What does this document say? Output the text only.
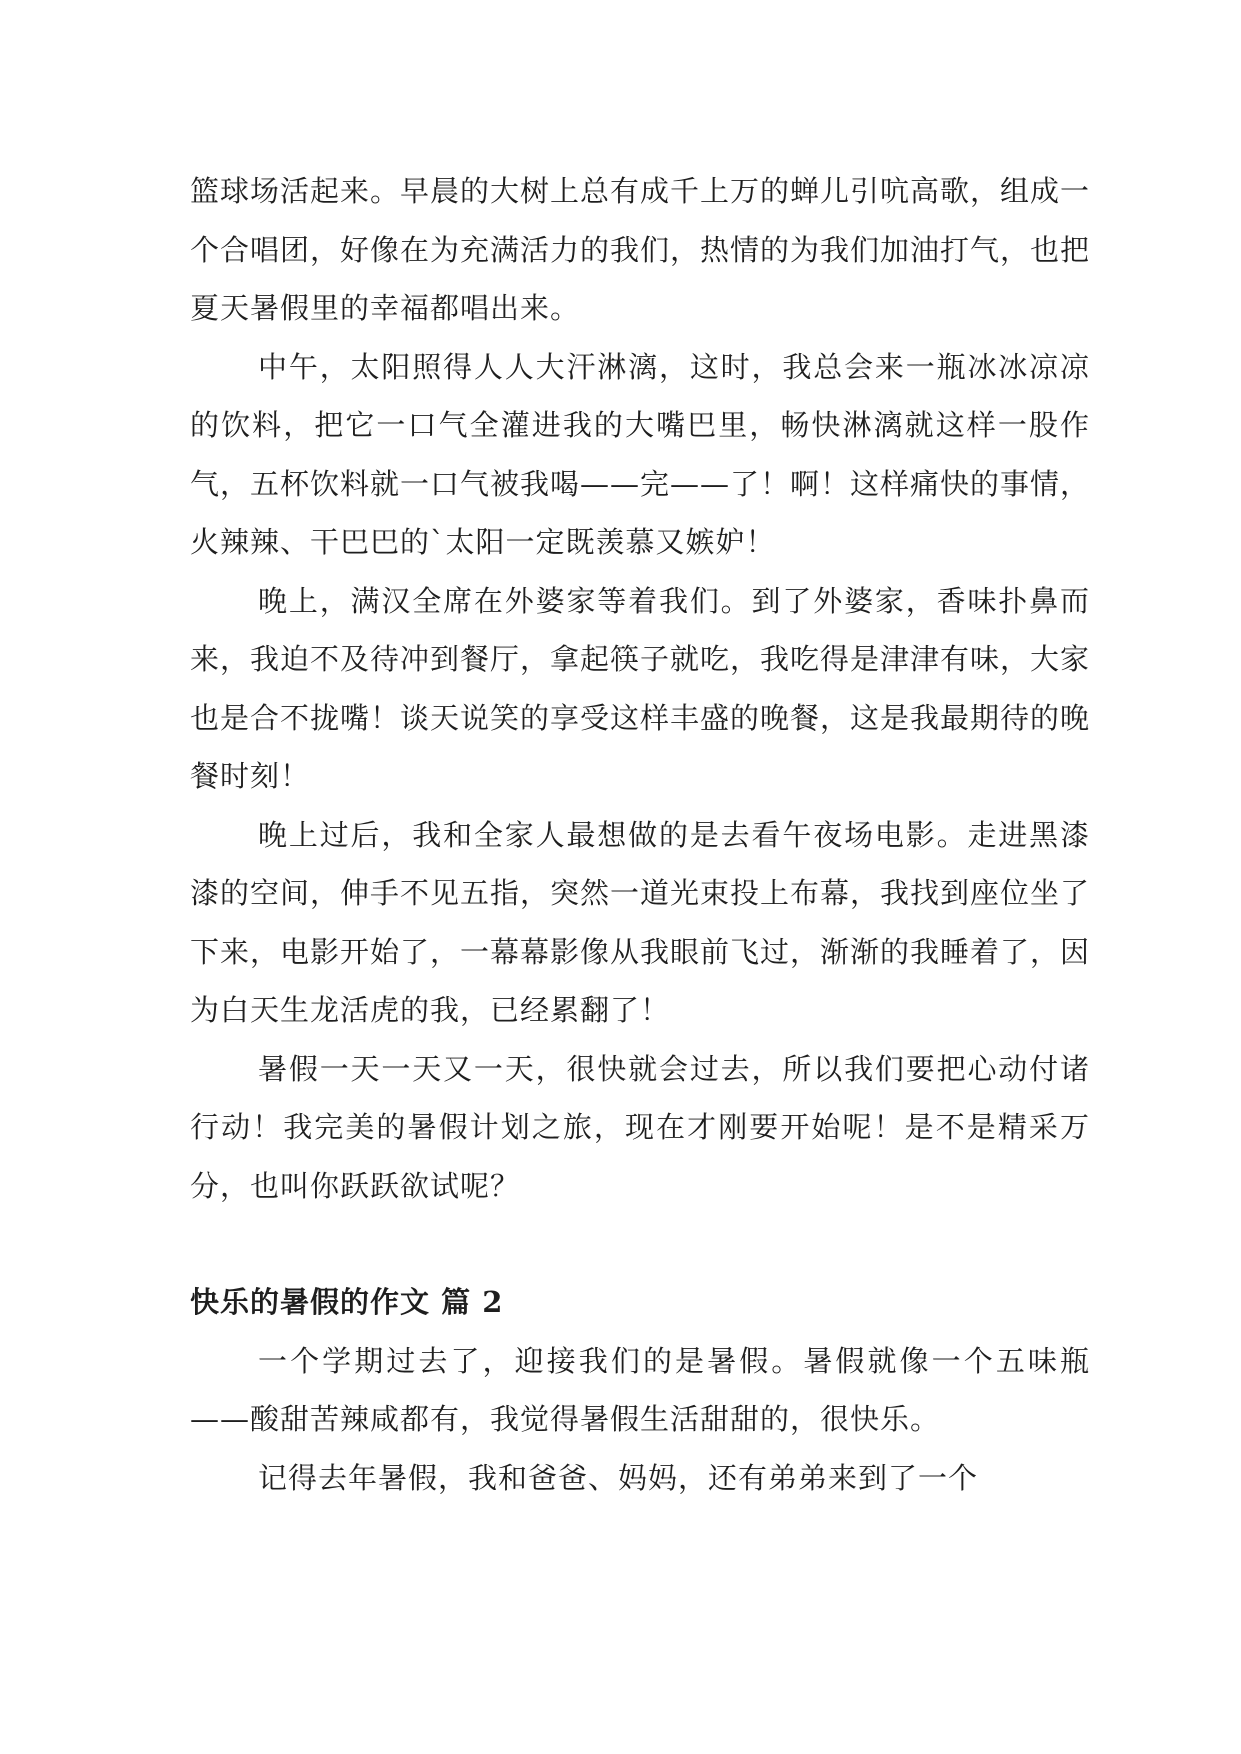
篮球场活起来。早晨的大树上总有成千上万的蝉儿引吭高歌，组成一个合唱团，好像在为充满活力的我们，热情的为我们加油打气，也把夏天暑假里的幸福都唱出来。

中午，太阳照得人人大汗淋漓，这时，我总会来一瓶冰冰凉凉的饮料，把它一口气全灌进我的大嘴巴里，畅快淋漓就这样一股作气，五杯饮料就一口气被我喝——完——了！啊！这样痛快的事情，火辣辣、干巴巴的`太阳一定既羡慕又嫉妒！

晚上，满汉全席在外婆家等着我们。到了外婆家，香味扑鼻而来，我迫不及待冲到餐厅，拿起筷子就吃，我吃得是津津有味，大家也是合不拢嘴！谈天说笑的享受这样丰盛的晚餐，这是我最期待的晚餐时刻！

晚上过后，我和全家人最想做的是去看午夜场电影。走进黑漆漆的空间，伸手不见五指，突然一道光束投上布幕，我找到座位坐了下来，电影开始了，一幕幕影像从我眼前飞过，渐渐的我睡着了，因为白天生龙活虎的我，已经累翻了！

暑假一天一天又一天，很快就会过去，所以我们要把心动付诸行动！我完美的暑假计划之旅，现在才刚要开始呢！是不是精采万分，也叫你跃跃欲试呢？

快乐的暑假的作文 篇 2

一个学期过去了，迎接我们的是暑假。暑假就像一个五味瓶——酸甜苦辣咸都有，我觉得暑假生活甜甜的，很快乐。

记得去年暑假，我和爸爸、妈妈，还有弟弟来到了一个
